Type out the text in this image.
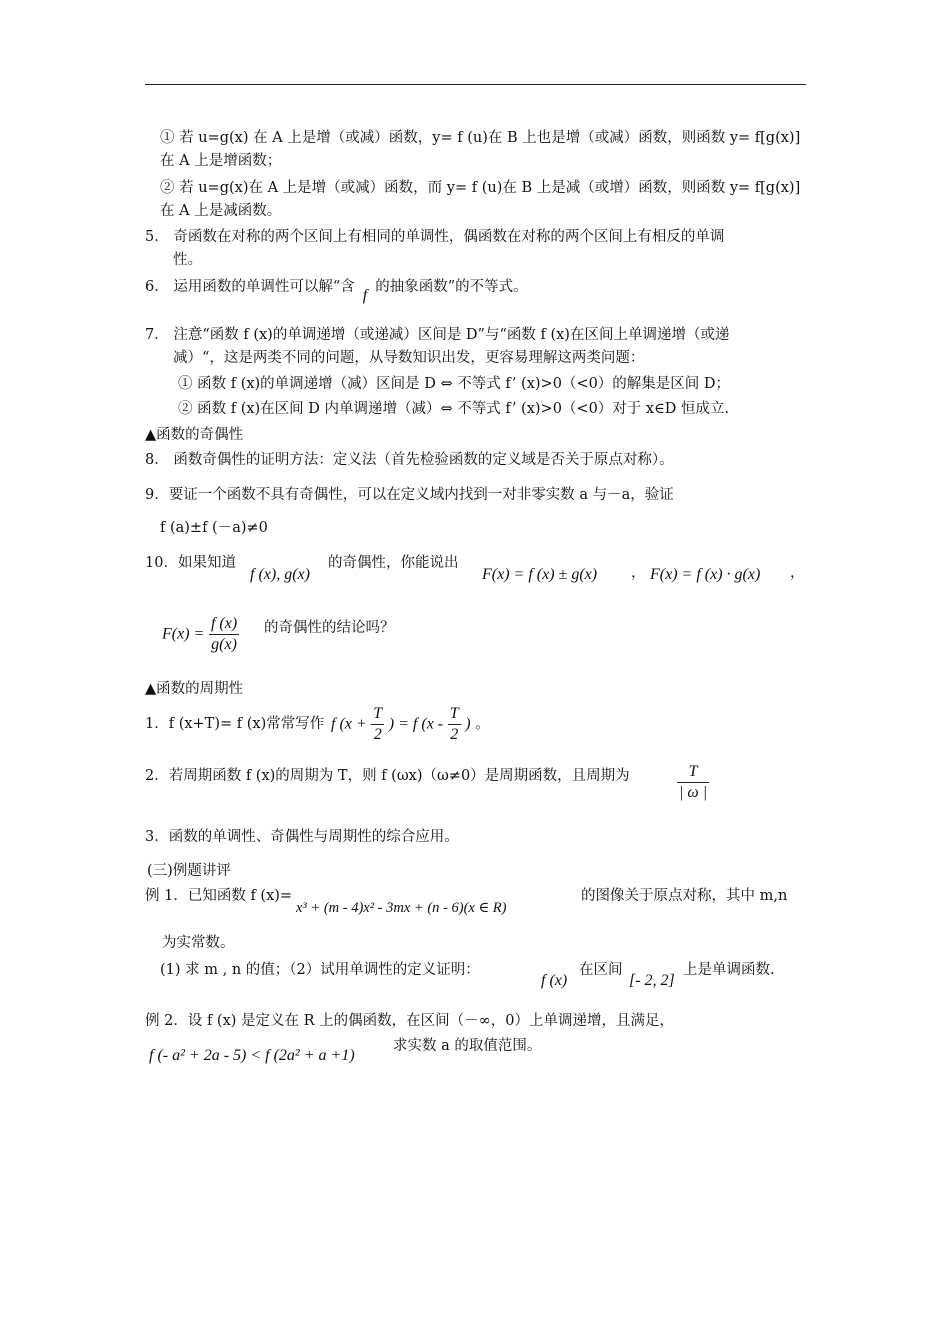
① 若 u=g(x) 在 A 上是增（或减）函数，y= f (u)在 B 上也是增（或减）函数，则函数 y= f[g(x)]
在 A 上是增函数；
② 若 u=g(x)在 A 上是增（或减）函数，而 y= f (u)在 B 上是减（或增）函数，则函数 y= f[g(x)]
在 A 上是减函数。
5． 奇函数在对称的两个区间上有相同的单调性，偶函数在对称的两个区间上有相反的单调
性。
6． 运用函数的单调性可以解“含 f 的抽象函数”的不等式。
7． 注意“函数 f (x)的单调递增（或递减）区间是 D”与“函数 f (x)在区间上单调递增（或递
减）“，这是两类不同的问题，从导数知识出发，更容易理解这两类问题：
① 函数 f (x)的单调递增（减）区间是 D ⇔ 不等式 f’ (x)>0（<0）的解集是区间 D；
② 函数 f (x)在区间 D 内单调递增（减）⇔ 不等式 f’ (x)>0（<0）对于 x∈D 恒成立.
▲函数的奇偶性
8． 函数奇偶性的证明方法：定义法（首先检验函数的定义域是否关于原点对称）。
9．要证一个函数不具有奇偶性，可以在定义域内找到一对非零实数 a 与－a，验证
f (a)±f (－a)≠0
10．如果知道
f (x), g(x)
的奇偶性，你能说出
F(x) = f (x) ± g(x) ， F(x) = f (x) · g(x) ，
$F(x) = \frac{f (x)}{g(x)}$ 的奇偶性的结论吗？
▲函数的周期性
1．f (x+T)= f (x)常常写作 f ($x + \frac{T}{2}$ ) = f ($x - \frac{T}{2}$ ) 。
2．若周期函数 f (x)的周期为 T，则 f (ωx)（ω≠0）是周期函数，且周期为	$\frac{T}{| \omega |}$
3．函数的单调性、奇偶性与周期性的综合应用。
(三)例题讲评
例 1．已知函数 f (x)=
x³ + (m - 4)x² - 3mx + (n - 6)(x ∈ R)
的图像关于原点对称，其中 m,n
为实常数。
(1) 求 m , n 的值；（2）试用单调性的定义证明：
f (x)
在区间
[- 2, 2]
上是单调函数.
例 2．设 f (x) 是定义在 R 上的偶函数，在区间（－∞，0）上单调递增，且满足，
f (- a² + 2a - 5) < f (2a² + a +1)
求实数 a 的取值范围。
